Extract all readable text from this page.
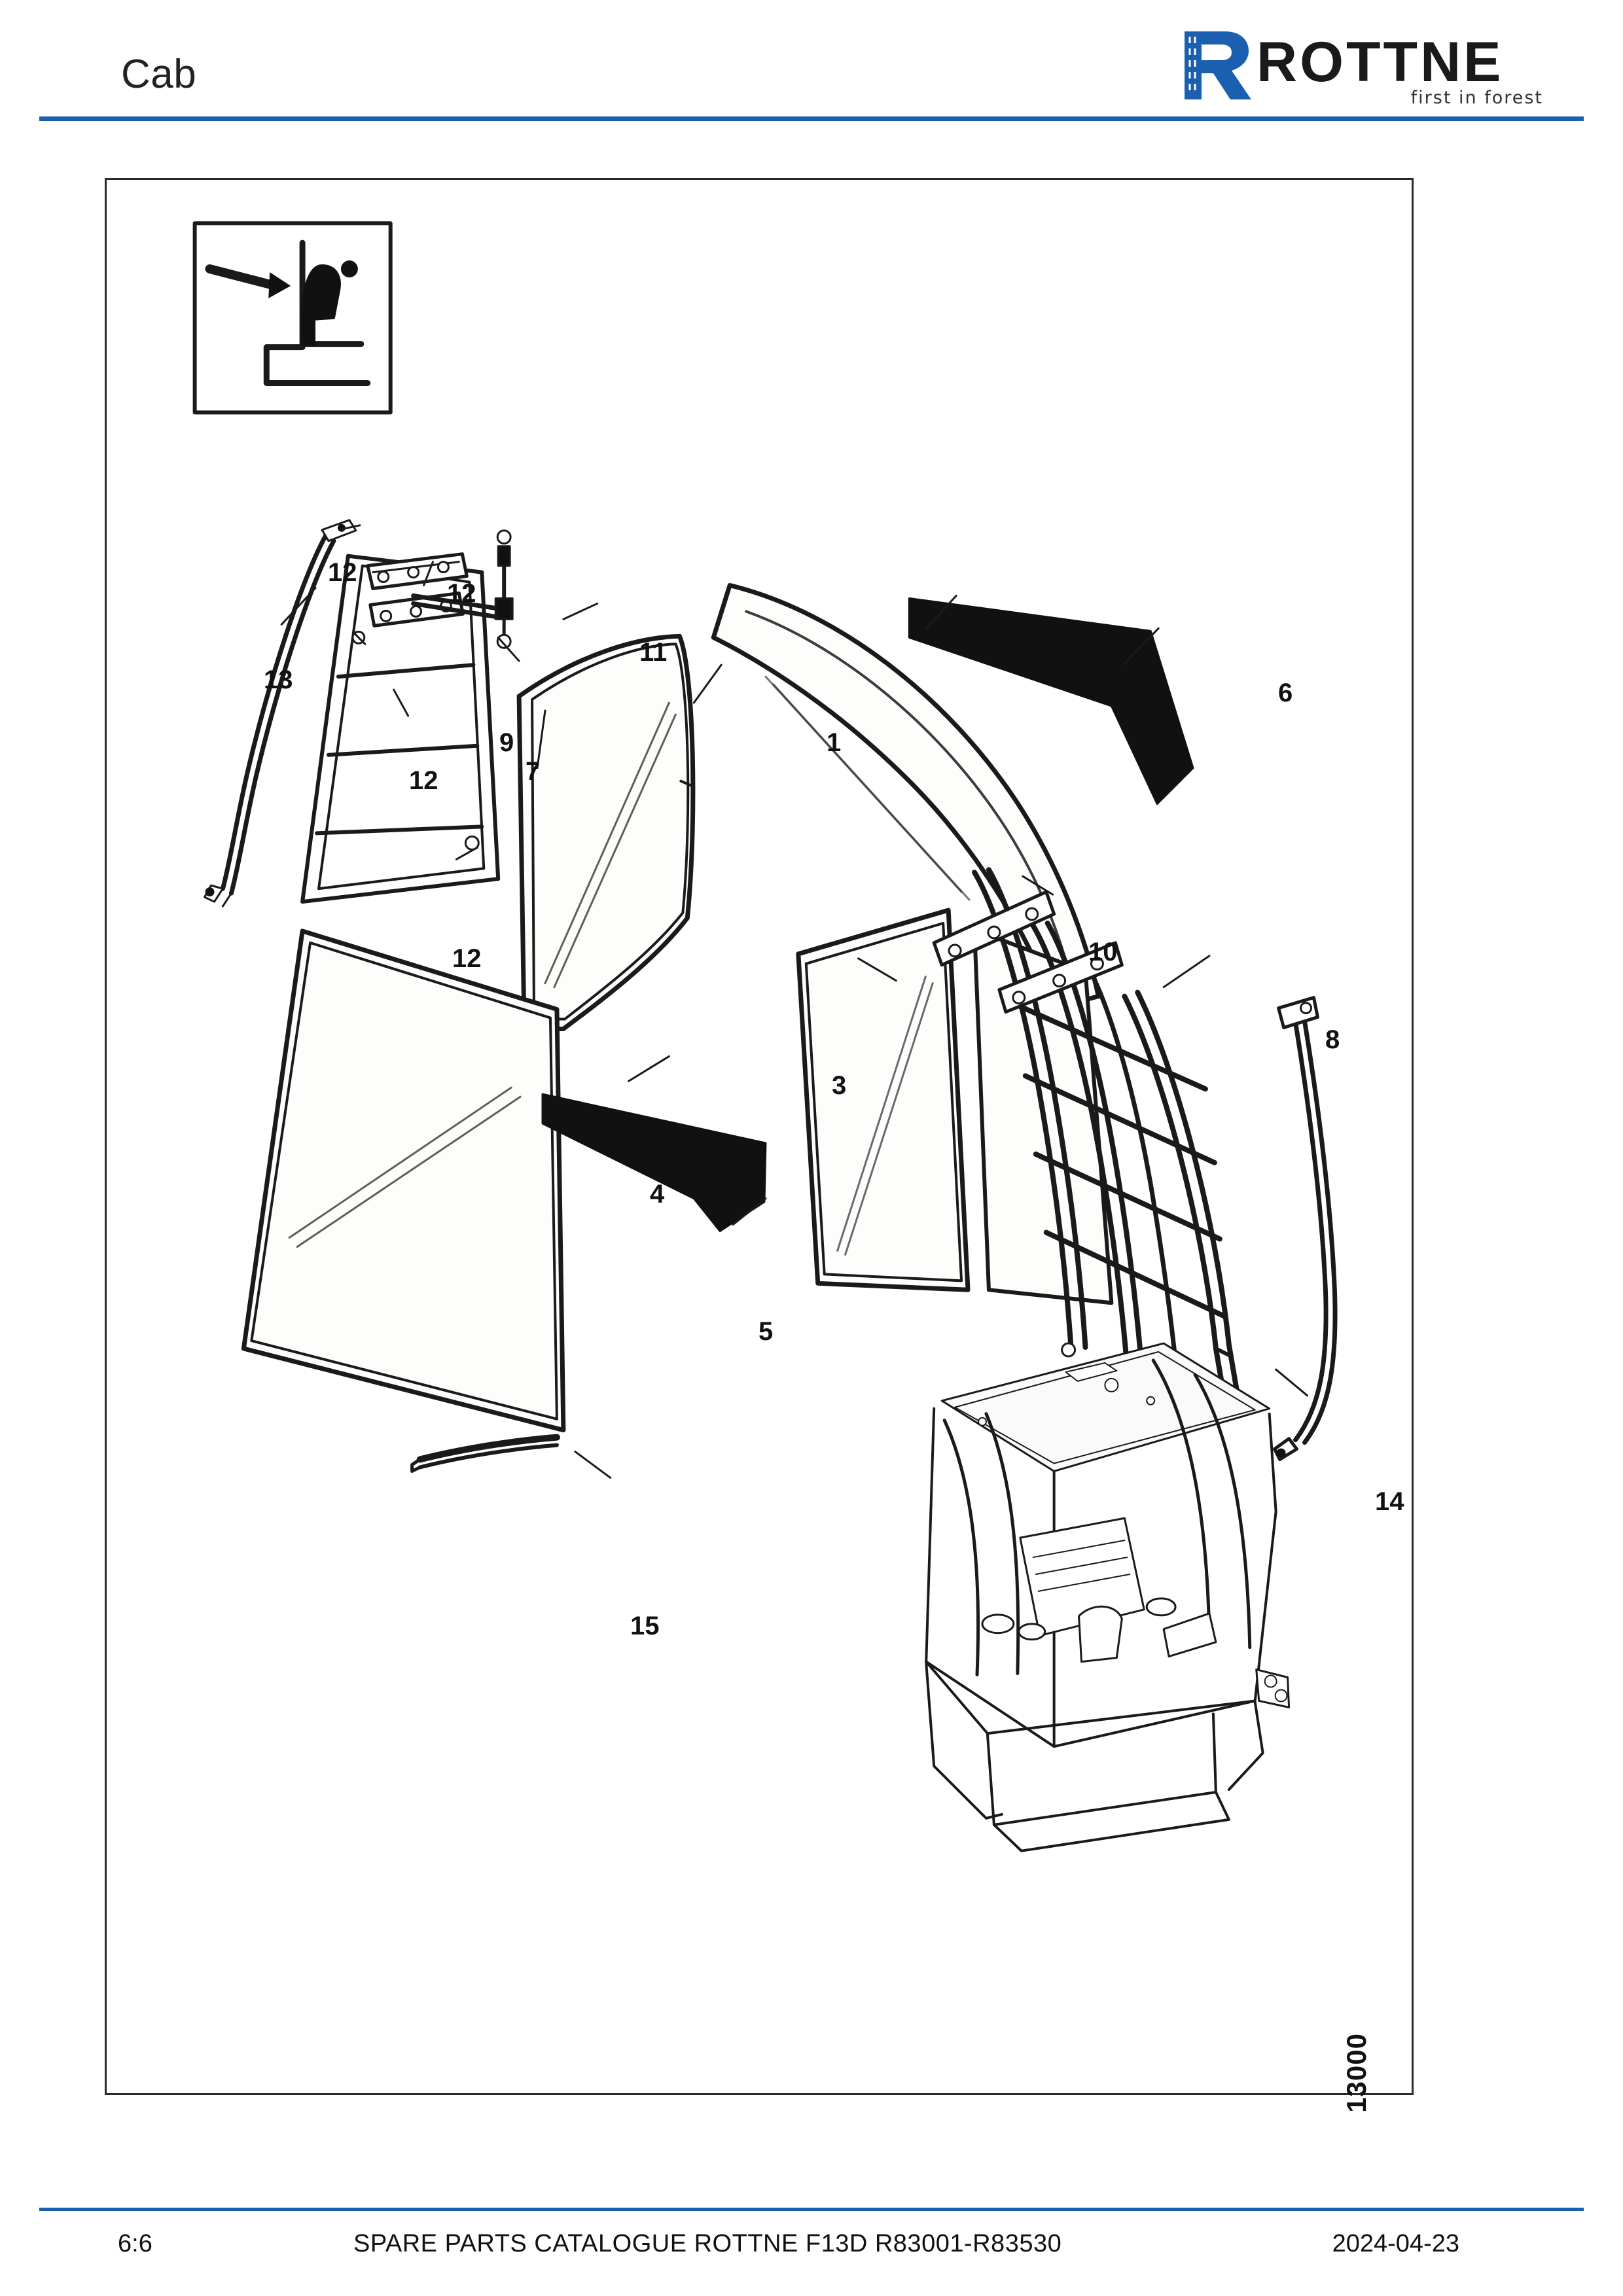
Cab	ROTTNE
first in forest
1
2
3
4
5
6
7
8
9
10
11
12
12
12
12
13
14
15
13000
6:6	SPARE PARTS CATALOGUE ROTTNE F13D R83001-R83530	2024-04-23
